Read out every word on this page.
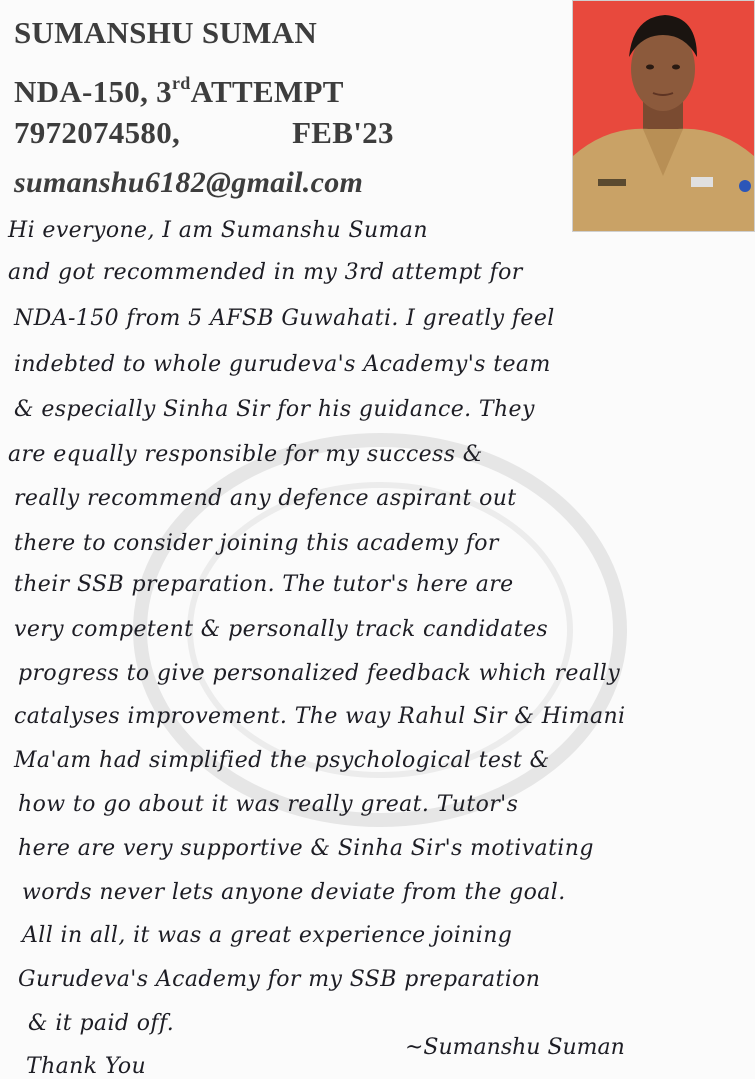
SUMANSHU SUMAN
NDA-150, 3rdATTEMPT
7972074580,	FEB'23
sumanshu6182@gmail.com
Hi everyone, I am Sumanshu Suman
and got recommended in my 3rd attempt for
NDA-150 from 5 AFSB Guwahati. I greatly feel
indebted to whole gurudeva's Academy's team
& especially Sinha Sir for his guidance. They
are equally responsible for my success &
really recommend any defence aspirant out
there to consider joining this academy for
their SSB preparation. The tutor's here are
very competent & personally track candidates
progress to give personalized feedback which really
catalyses improvement. The way Rahul Sir & Himani
Ma'am had simplified the psychological test &
how to go about it was really great. Tutor's
here are very supportive & Sinha Sir's motivating
words never lets anyone deviate from the goal.
All in all, it was a great experience joining
Gurudeva's Academy for my SSB preparation
& it paid off.
Thank You
~Sumanshu Suman
